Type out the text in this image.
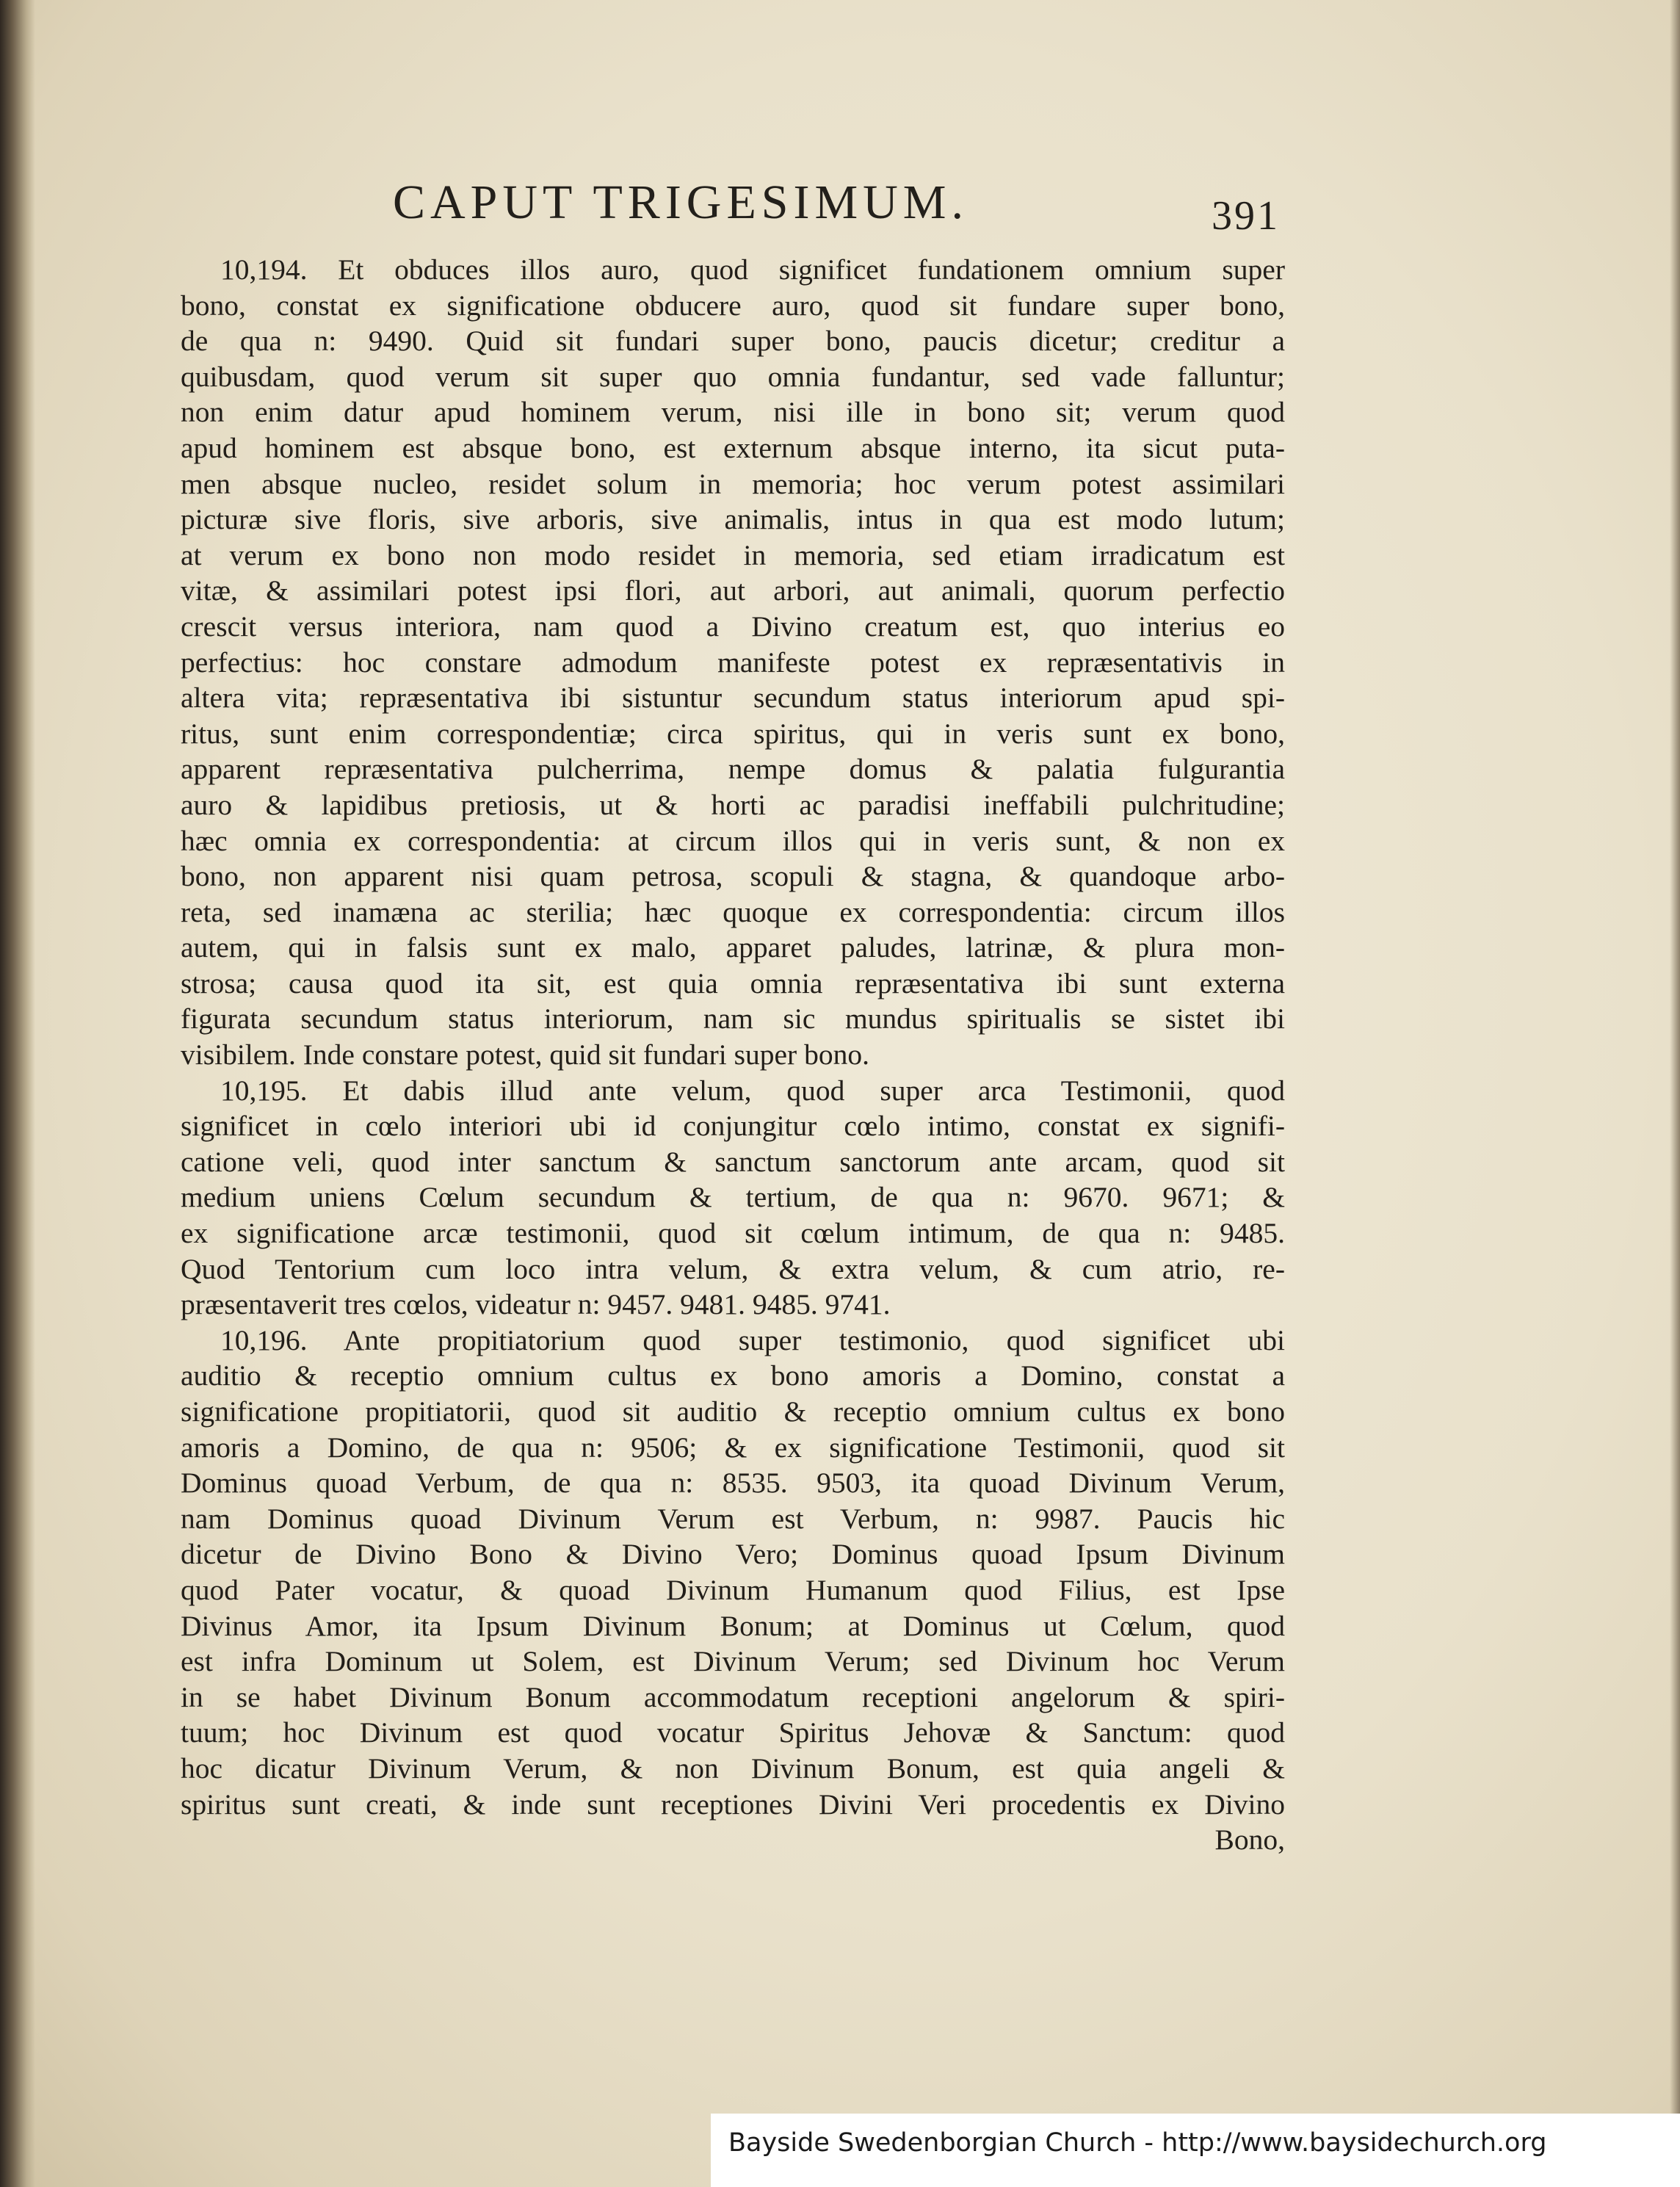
CAPUT TRIGESIMUM.	391
10,194. Et obduces illos auro, quod significet fundationem omnium super
bono, constat ex significatione obducere auro, quod sit fundare super bono,
de qua n: 9490. Quid sit fundari super bono, paucis dicetur; creditur a
quibusdam, quod verum sit super quo omnia fundantur, sed vade falluntur;
non enim datur apud hominem verum, nisi ille in bono sit; verum quod
apud hominem est absque bono, est externum absque interno, ita sicut puta-
men absque nucleo, residet solum in memoria; hoc verum potest assimilari
picturæ sive floris, sive arboris, sive animalis, intus in qua est modo lutum;
at verum ex bono non modo residet in memoria, sed etiam irradicatum est
vitæ, & assimilari potest ipsi flori, aut arbori, aut animali, quorum perfectio
crescit versus interiora, nam quod a Divino creatum est, quo interius eo
perfectius: hoc constare admodum manifeste potest ex repræsentativis in
altera vita; repræsentativa ibi sistuntur secundum status interiorum apud spi-
ritus, sunt enim correspondentiæ; circa spiritus, qui in veris sunt ex bono,
apparent repræsentativa pulcherrima, nempe domus & palatia fulgurantia
auro & lapidibus pretiosis, ut & horti ac paradisi ineffabili pulchritudine;
hæc omnia ex correspondentia: at circum illos qui in veris sunt, & non ex
bono, non apparent nisi quam petrosa, scopuli & stagna, & quandoque arbo-
reta, sed inamæna ac sterilia; hæc quoque ex correspondentia: circum illos
autem, qui in falsis sunt ex malo, apparet paludes, latrinæ, & plura mon-
strosa; causa quod ita sit, est quia omnia repræsentativa ibi sunt externa
figurata secundum status interiorum, nam sic mundus spiritualis se sistet ibi
visibilem. Inde constare potest, quid sit fundari super bono.
10,195. Et dabis illud ante velum, quod super arca Testimonii, quod
significet in cœlo interiori ubi id conjungitur cœlo intimo, constat ex signifi-
catione veli, quod inter sanctum & sanctum sanctorum ante arcam, quod sit
medium uniens Cœlum secundum & tertium, de qua n: 9670. 9671; &
ex significatione arcæ testimonii, quod sit cœlum intimum, de qua n: 9485.
Quod Tentorium cum loco intra velum, & extra velum, & cum atrio, re-
præsentaverit tres cœlos, videatur n: 9457. 9481. 9485. 9741.
10,196. Ante propitiatorium quod super testimonio, quod significet ubi
auditio & receptio omnium cultus ex bono amoris a Domino, constat a
significatione propitiatorii, quod sit auditio & receptio omnium cultus ex bono
amoris a Domino, de qua n: 9506; & ex significatione Testimonii, quod sit
Dominus quoad Verbum, de qua n: 8535. 9503, ita quoad Divinum Verum,
nam Dominus quoad Divinum Verum est Verbum, n: 9987. Paucis hic
dicetur de Divino Bono & Divino Vero; Dominus quoad Ipsum Divinum
quod Pater vocatur, & quoad Divinum Humanum quod Filius, est Ipse
Divinus Amor, ita Ipsum Divinum Bonum; at Dominus ut Cœlum, quod
est infra Dominum ut Solem, est Divinum Verum; sed Divinum hoc Verum
in se habet Divinum Bonum accommodatum receptioni angelorum & spiri-
tuum; hoc Divinum est quod vocatur Spiritus Jehovæ & Sanctum: quod
hoc dicatur Divinum Verum, & non Divinum Bonum, est quia angeli &
spiritus sunt creati, & inde sunt receptiones Divini Veri procedentis ex Divino
Bono,
Bayside Swedenborgian Church - http://www.baysidechurch.org
